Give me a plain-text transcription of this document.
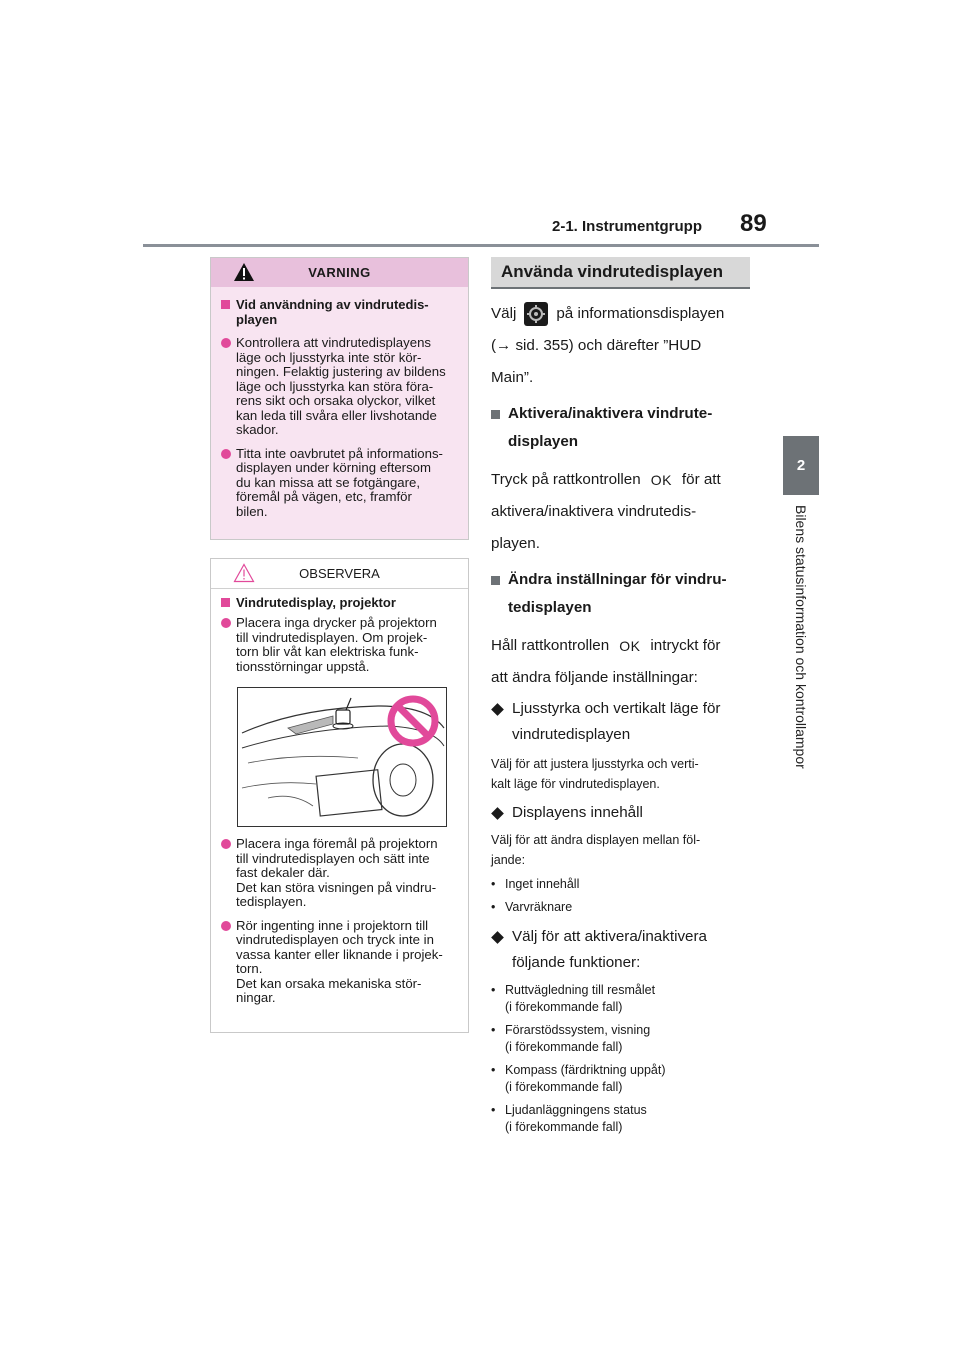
2-1. Instrumentgrupp 89
2
Bilens statusinformation och kontrollampor
VARNING
Vid användning av vindrutedis-
playen
Kontrollera att vindrutedisplayens
läge och ljusstyrka inte stör kör-
ningen. Felaktig justering av bildens
läge och ljusstyrka kan störa föra-
rens sikt och orsaka olyckor, vilket
kan leda till svåra eller livshotande
skador.
Titta inte oavbrutet på informations-
displayen under körning eftersom
du kan missa att se fotgängare,
föremål på vägen, etc, framför
bilen.
OBSERVERA
Vindrutedisplay, projektor
Placera inga drycker på projektorn
till vindrutedisplayen. Om projek-
torn blir våt kan elektriska funk-
tionsstörningar uppstå.
Placera inga föremål på projektorn
till vindrutedisplayen och sätt inte
fast dekaler där.
Det kan störa visningen på vindru-
tedisplayen.
Rör ingenting inne i projektorn till
vindrutedisplayen och tryck inte in
vassa kanter eller liknande i projek-
torn.
Det kan orsaka mekaniska stör-
ningar.
Använda vindrutedisplayen
Välj	på informationsdisplayen
(→ sid. 355) och därefter ”HUD
Main”.
Aktivera/inaktivera vindrute-
displayen
Tryck på rattkontrollen OK för att
aktivera/inaktivera vindrutedis-
playen.
Ändra inställningar för vindru-
tedisplayen
Håll rattkontrollen OK intryckt för
att ändra följande inställningar:
Ljusstyrka och vertikalt läge för
vindrutedisplayen
Välj för att justera ljusstyrka och verti-
kalt läge för vindrutedisplayen.
Displayens innehåll
Välj för att ändra displayen mellan föl-
jande:
• Inget innehåll
• Varvräknare
Välj för att aktivera/inaktivera
följande funktioner:
• Ruttvägledning till resmålet
(i förekommande fall)
• Förarstödssystem, visning
(i förekommande fall)
• Kompass (färdriktning uppåt)
(i förekommande fall)
• Ljudanläggningens status
(i förekommande fall)
